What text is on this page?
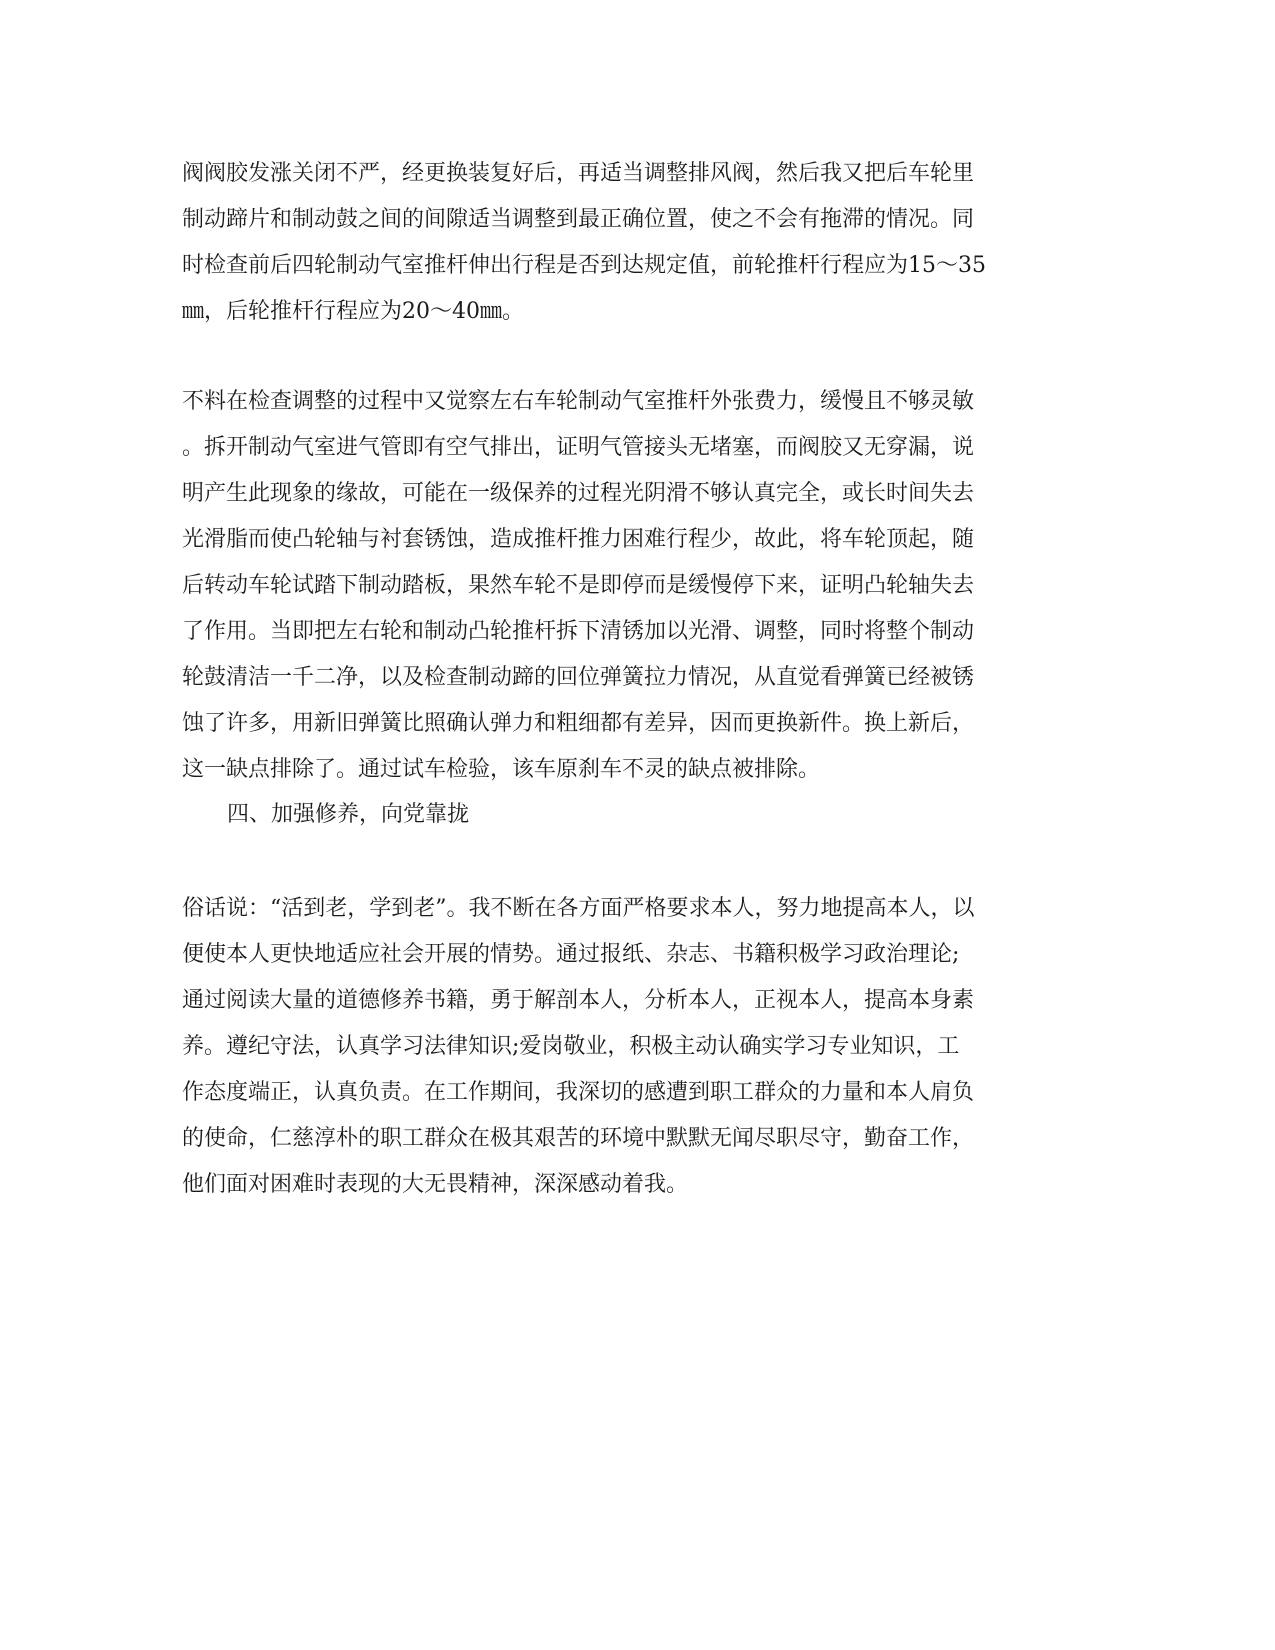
阀阀胶发涨关闭不严，经更换装复好后，再适当调整排风阀，然后我又把后车轮里
制动蹄片和制动鼓之间的间隙适当调整到最正确位置，使之不会有拖滞的情况。同
时检查前后四轮制动气室推杆伸出行程是否到达规定值，前轮推杆行程应为15～35
㎜，后轮推杆行程应为20～40㎜。
不料在检查调整的过程中又觉察左右车轮制动气室推杆外张费力，缓慢且不够灵敏
。拆开制动气室进气管即有空气排出，证明气管接头无堵塞，而阀胶又无穿漏，说
明产生此现象的缘故，可能在一级保养的过程光阴滑不够认真完全，或长时间失去
光滑脂而使凸轮轴与衬套锈蚀，造成推杆推力困难行程少，故此，将车轮顶起，随
后转动车轮试踏下制动踏板，果然车轮不是即停而是缓慢停下来，证明凸轮轴失去
了作用。当即把左右轮和制动凸轮推杆拆下清锈加以光滑、调整，同时将整个制动
轮鼓清洁一千二净，以及检查制动蹄的回位弹簧拉力情况，从直觉看弹簧已经被锈
蚀了许多，用新旧弹簧比照确认弹力和粗细都有差异，因而更换新件。换上新后，
这一缺点排除了。通过试车检验，该车原刹车不灵的缺点被排除。
四、加强修养，向党靠拢
俗话说：“活到老，学到老”。我不断在各方面严格要求本人，努力地提高本人，以
便使本人更快地适应社会开展的情势。通过报纸、杂志、书籍积极学习政治理论;
通过阅读大量的道德修养书籍，勇于解剖本人，分析本人，正视本人，提高本身素
养。遵纪守法，认真学习法律知识;爱岗敬业，积极主动认确实学习专业知识，工
作态度端正，认真负责。在工作期间，我深切的感遭到职工群众的力量和本人肩负
的使命，仁慈淳朴的职工群众在极其艰苦的环境中默默无闻尽职尽守，勤奋工作，
他们面对困难时表现的大无畏精神，深深感动着我。
